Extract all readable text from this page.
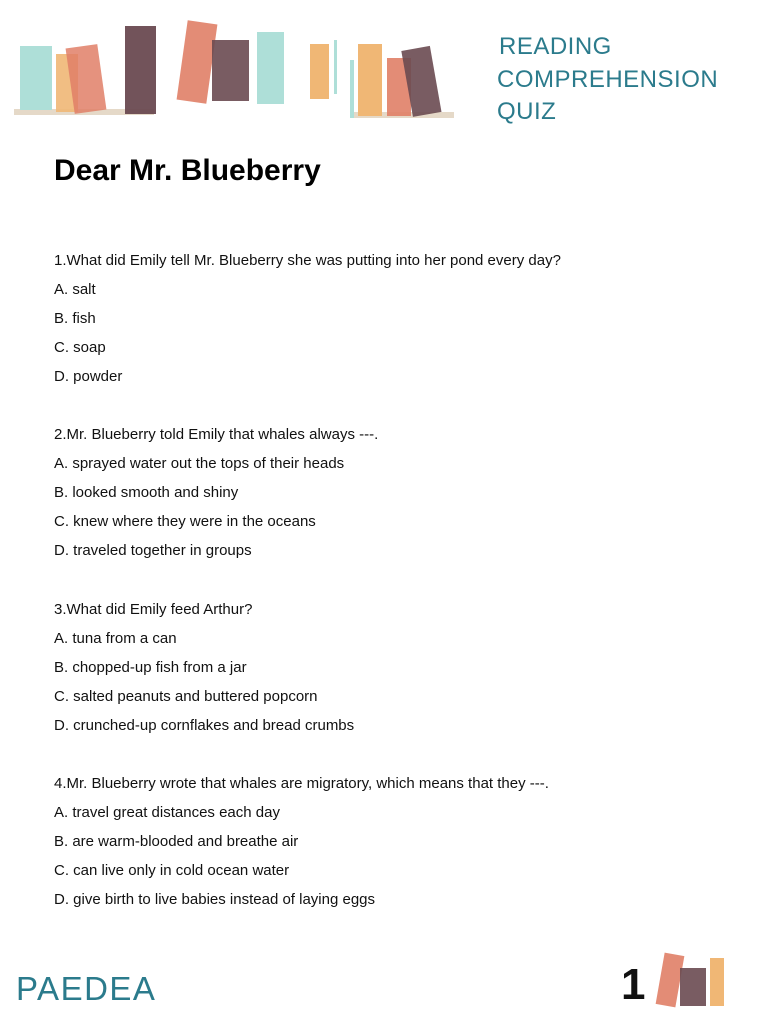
READING
COMPREHENSION
QUIZ
Dear Mr. Blueberry
1.What did Emily tell Mr. Blueberry she was putting into her pond every day?
A. salt
B. fish
C. soap
D. powder
2.Mr. Blueberry told Emily that whales always ---.
A. sprayed water out the tops of their heads
B. looked smooth and shiny
C. knew where they were in the oceans
D. traveled together in groups
3.What did Emily feed Arthur?
A. tuna from a can
B. chopped-up fish from a jar
C. salted peanuts and buttered popcorn
D. crunched-up cornflakes and bread crumbs
4.Mr. Blueberry wrote that whales are migratory, which means that they ---.
A. travel great distances each day
B. are warm-blooded and breathe air
C. can live only in cold ocean water
D. give birth to live babies instead of laying eggs
PAEDEA	1
